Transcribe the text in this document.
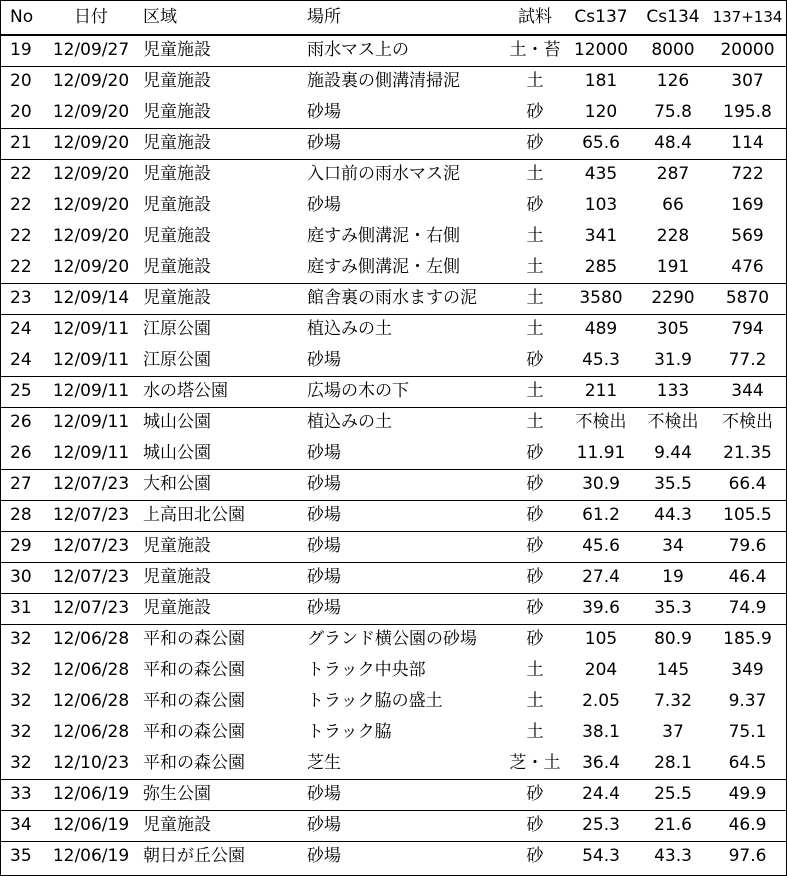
No	日付	区域	場所	試料	Cs137	Cs134	137+134
19	12/09/27	児童施設	雨水マス上の	土・苔	12000	8000	20000
20	12/09/20	児童施設	施設裏の側溝清掃泥	土	181	126	307
20	12/09/20	児童施設	砂場	砂	120	75.8	195.8
21	12/09/20	児童施設	砂場	砂	65.6	48.4	114
22	12/09/20	児童施設	入口前の雨水マス泥	土	435	287	722
22	12/09/20	児童施設	砂場	砂	103	66	169
22	12/09/20	児童施設	庭すみ側溝泥・右側	土	341	228	569
22	12/09/20	児童施設	庭すみ側溝泥・左側	土	285	191	476
23	12/09/14	児童施設	館舎裏の雨水ますの泥	土	3580	2290	5870
24	12/09/11	江原公園	植込みの土	土	489	305	794
24	12/09/11	江原公園	砂場	砂	45.3	31.9	77.2
25	12/09/11	水の塔公園	広場の木の下	土	211	133	344
26	12/09/11	城山公園	植込みの土	土	不検出	不検出	不検出
26	12/09/11	城山公園	砂場	砂	11.91	9.44	21.35
27	12/07/23	大和公園	砂場	砂	30.9	35.5	66.4
28	12/07/23	上高田北公園	砂場	砂	61.2	44.3	105.5
29	12/07/23	児童施設	砂場	砂	45.6	34	79.6
30	12/07/23	児童施設	砂場	砂	27.4	19	46.4
31	12/07/23	児童施設	砂場	砂	39.6	35.3	74.9
32	12/06/28	平和の森公園	グランド横公園の砂場	砂	105	80.9	185.9
32	12/06/28	平和の森公園	トラック中央部	土	204	145	349
32	12/06/28	平和の森公園	トラック脇の盛土	土	2.05	7.32	9.37
32	12/06/28	平和の森公園	トラック脇	土	38.1	37	75.1
32	12/10/23	平和の森公園	芝生	芝・土	36.4	28.1	64.5
33	12/06/19	弥生公園	砂場	砂	24.4	25.5	49.9
34	12/06/19	児童施設	砂場	砂	25.3	21.6	46.9
35	12/06/19	朝日が丘公園	砂場	砂	54.3	43.3	97.6
